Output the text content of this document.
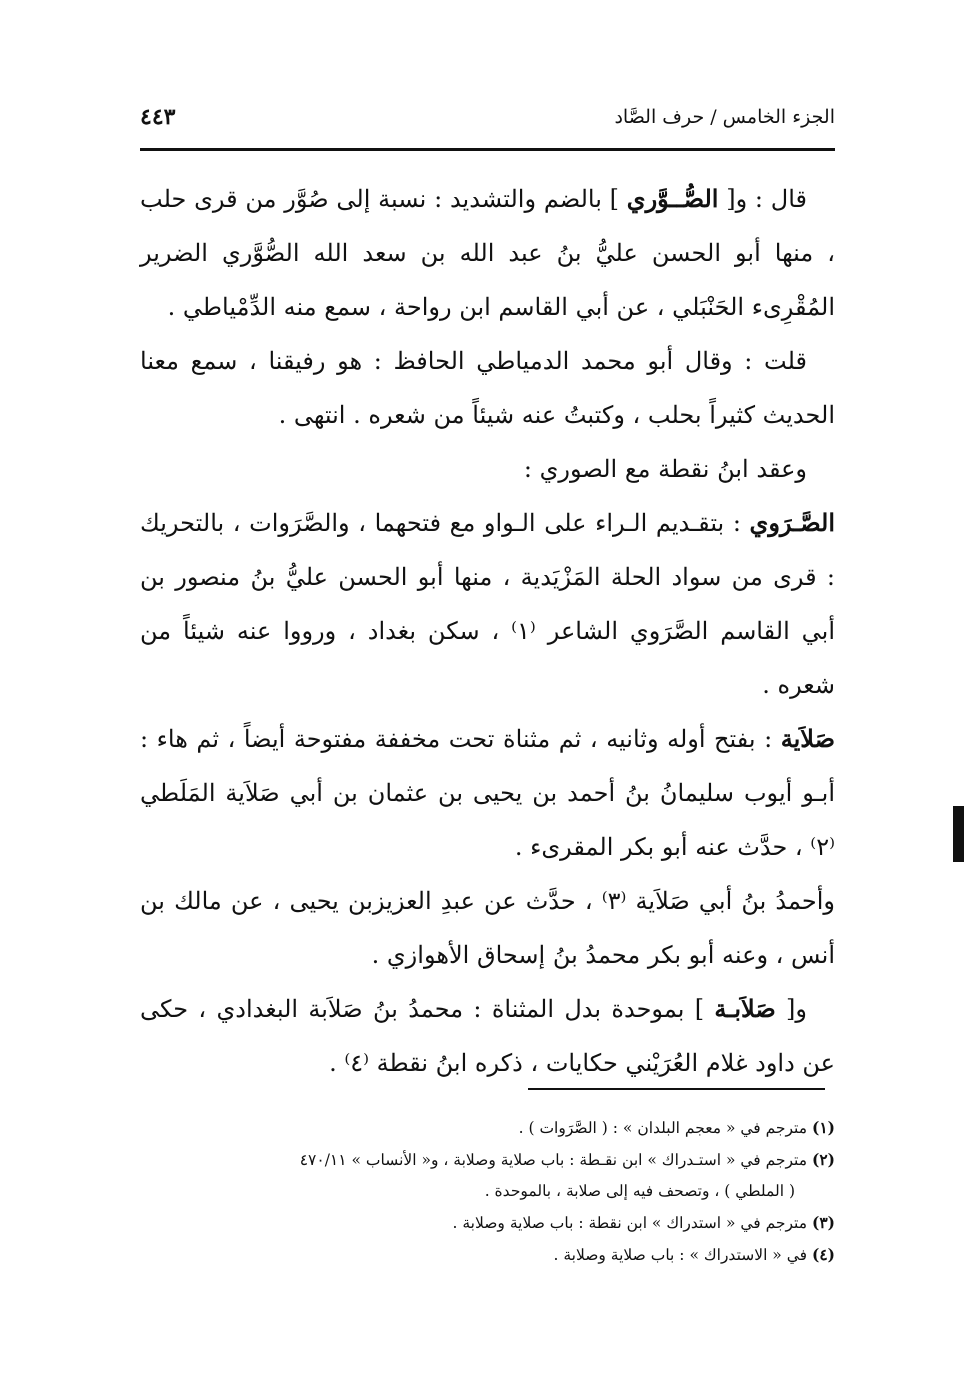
الجزء الخامس / حرف الصَّاد
٤٤٣

قال : و[ الصُّــوَّري ] بالضم والتشديد : نسبة إلى صُوَّر من قرى حلب ، منها أبو الحسن عليُّ بنُ عبد الله بن سعد الله الصُّوَّري الضرير المُقْرِىء الحَنْبَلي ، عن أبي القاسم ابن رواحة ، سمع منه الدِّمْياطي .

قلت : وقال أبو محمد الدمياطي الحافظ : هو رفيقنا ، سمع معنا الحديث كثيراً بحلب ، وكتبتُ عنه شيئاً من شعره . انتهى .

وعقد ابنُ نقطة مع الصوري :

الصَّـرَوي : بتقـديم الـراء على الـواو مع فتحهما ، والصَّرَوات ، بالتحريك : قرى من سواد الحلة المَزْيَدية ، منها أبو الحسن عليُّ بنُ منصور بن أبي القاسم الصَّرَوي الشاعر ⁽١⁾ ، سكن بغداد ، ورووا عنه شيئاً من شعره .

صَلاَية : بفتح أوله وثانيه ، ثم مثناة تحت مخففة مفتوحة أيضاً ، ثم هاء : أبـو أيوب سليمانُ بنُ أحمد بن يحيى بن عثمان بن أبي صَلاَية المَلَطي ⁽٢⁾ ، حدَّث عنه أبو بكر المقرىء .

وأحمدُ بنُ أبي صَلاَية ⁽٣⁾ ، حدَّث عن عبدِ العزيزبن يحيى ، عن مالك بن أنس ، وعنه أبو بكر محمدُ بنُ إسحاق الأهوازي .

و[ صَلاَبـة ] بموحدة بدل المثناة : محمدُ بنُ صَلاَبة البغدادي ، حكى عن داود غلام العُرَيْني حكايات ، ذكره ابنُ نقطة ⁽٤⁾ .

(١) مترجم في « معجم البلدان » : ( الصَّرَوات ) .

(٢) مترجم في « استـدراك » ابن نقـطة : باب صلاية وصلابة ، و« الأنساب » ٤٧٠/١١

( الملطي ) ، وتصحف فيه إلى صلابة ، بالموحدة .

(٣) مترجم في « استدراك » ابن نقطة : باب صلاية وصلابة .

(٤) في « الاستدراك » : باب صلاية وصلابة .
